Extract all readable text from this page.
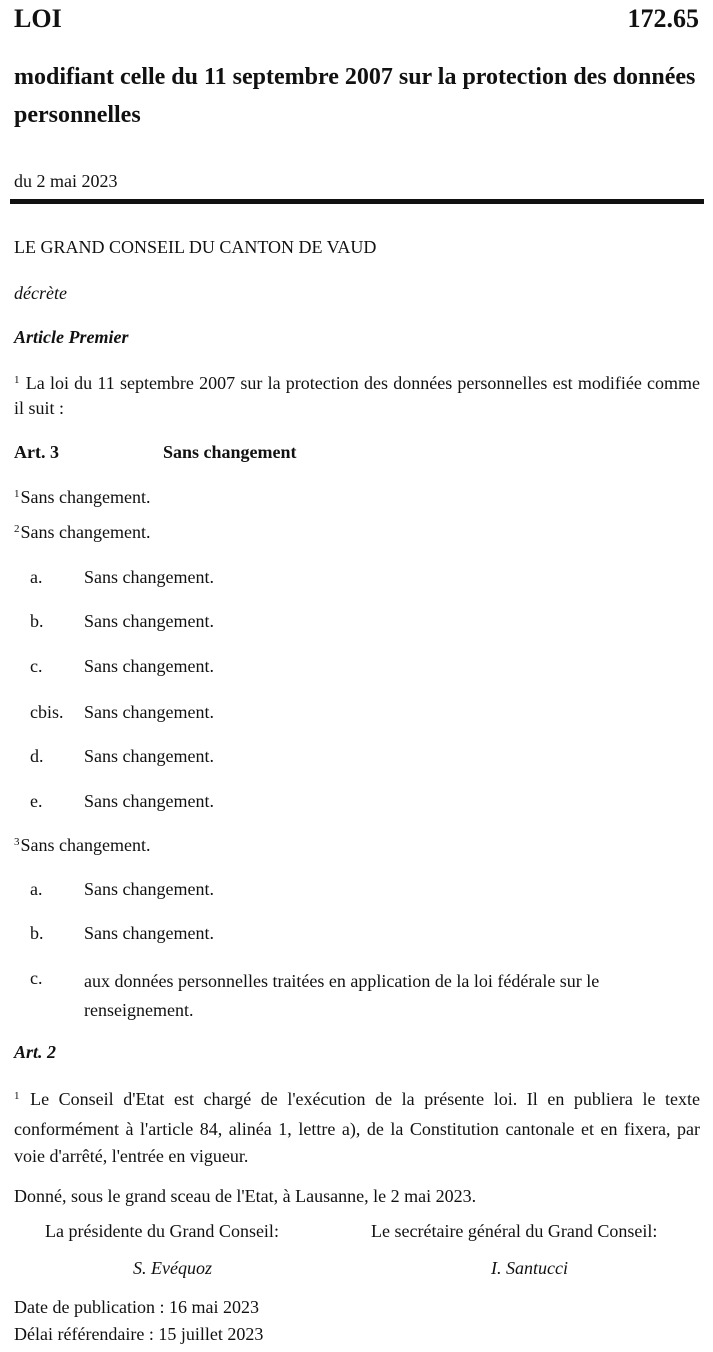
LOI	172.65
modifiant celle du 11 septembre 2007 sur la protection des données personnelles
du 2 mai 2023
LE GRAND CONSEIL DU CANTON DE VAUD
décrète
Article Premier
$^1$ La loi du 11 septembre 2007 sur la protection des données personnelles est modifiée comme il suit :
Art. 3	Sans changement
$^1$Sans changement.
$^2$Sans changement.
a. Sans changement.
b. Sans changement.
c. Sans changement.
cbis. Sans changement.
d. Sans changement.
e. Sans changement.
$^3$Sans changement.
a. Sans changement.
b. Sans changement.
c. aux données personnelles traitées en application de la loi fédérale sur le renseignement.
Art. 2
$^1$ Le Conseil d'Etat est chargé de l'exécution de la présente loi. Il en publiera le texte conformément à l'article 84, alinéa 1, lettre a), de la Constitution cantonale et en fixera, par voie d'arrêté, l'entrée en vigueur.
Donné, sous le grand sceau de l'Etat, à Lausanne, le 2 mai 2023.
La présidente du Grand Conseil:	Le secrétaire général du Grand Conseil:
S. Evéquoz	I. Santucci
Date de publication : 16 mai 2023
Délai référendaire : 15 juillet 2023
